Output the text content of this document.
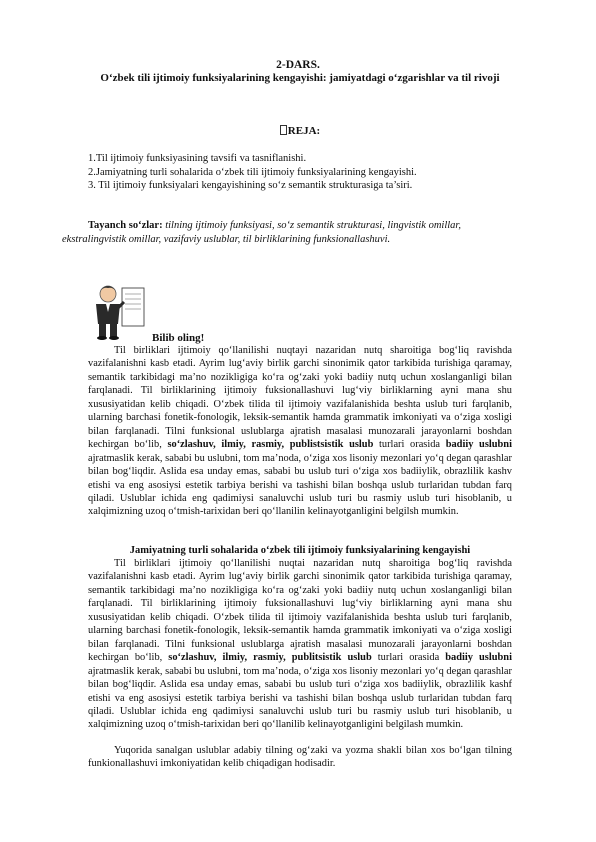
2-DARS.
O‘zbek tili ijtimoiy funksiyalarining kengayishi: jamiyatdagi o‘zgarishlar va til rivoji
REJA:
1.Til ijtimoiy funksiyasining tavsifi va tasniflanishi.
2.Jamiyatning turli sohalarida o‘zbek tili ijtimoiy funksiyalarining kengayishi.
3. Til ijtimoiy funksiyalari kengayishining so‘z semantik strukturasiga ta’siri.
Tayanch so‘zlar: tilning ijtimoiy funksiyasi, so‘z semantik strukturasi, lingvistik omillar, ekstralingvistik omillar, vazifaviy uslublar, til birliklarining funksionallashuvi.
Bilib oling!

Til birliklari ijtimoiy qo‘llanilishi nuqtayi nazaridan nutq sharoitiga bog‘liq ravishda vazifalanishni kasb etadi. Ayrim lug‘aviy birlik garchi sinonimik qator tarkibida turishiga qaramay, semantik tarkibidagi ma’no nozikligiga ko‘ra og‘zaki yoki badiiy nutq uchun xoslanganligi bilan farqlanadi. Til birliklarining ijtimoiy fuksionallashuvi lug‘viy birliklarning ayni mana shu xususiyatidan kelib chiqadi. O‘zbek tilida til ijtimoiy vazifalanishida beshta uslub turi farqlanib, ularning barchasi fonetik-fonologik, leksik-semantik hamda grammatik imkoniyati va o‘ziga xosligi bilan farqlanadi. Tilni funksional uslublarga ajratish masalasi munozarali jarayonlarni boshdan kechirgan bo‘lib, so‘zlashuv, ilmiy, rasmiy, publistsistik uslub turlari orasida badiiy uslubni ajratmaslik kerak, sababi bu uslubni, tom ma’noda, o‘ziga xos lisoniy mezonlari yo‘q degan qarashlar bilan bog‘liqdir. Aslida esa unday emas, sababi bu uslub turi o‘ziga xos badiiylik, obrazlilik kashv etishi va eng asosiysi estetik tarbiya berishi va tashishi bilan boshqa uslub turlaridan tubdan farq qiladi. Uslublar ichida eng qadimiysi sanaluvchi uslub turi bu rasmiy uslub turi hisoblanib, u xalqimizning uzoq o‘tmish-tarixidan beri qo‘llanilin kelinayotganligini belgilsh mumkin.

Jamiyatning turli sohalarida o‘zbek tili ijtimoiy funksiyalarining kengayishi

Til birliklari ijtimoiy qo‘llanilishi nuqtai nazaridan nutq sharoitiga bog‘liq ravishda vazifalanishni kasb etadi. Ayrim lug‘aviy birlik garchi sinonimik qator tarkibida turishiga qaramay, semantik tarkibidagi ma’no nozikligiga ko‘ra og‘zaki yoki badiiy nutq uchun xoslanganligi bilan farqlanadi. Til birliklarining ijtimoiy fuksionallashuvi lug‘viy birliklarning ayni mana shu xususiyatidan kelib chiqadi. O‘zbek tilida til ijtimoiy vazifalanishida beshta uslub turi farqlanib, ularning barchasi fonetik-fonologik, leksik-semantik hamda grammatik imkoniyati va o‘ziga xosligi bilan farqlanadi. Tilni funksional uslublarga ajratish masalasi munozarali jarayonlarni boshdan kechirgan bo‘lib, so‘zlashuv, ilmiy, rasmiy, publitsistik uslub turlari orasida badiiy uslubni ajratmaslik kerak, sababi bu uslubni, tom ma’noda, o‘ziga xos lisoniy mezonlari yo‘q degan qarashlar bilan bog‘liqdir. Aslida esa unday emas, sababi bu uslub turi o‘ziga xos badiiylik, obrazlilik kashf etishi va eng asosiysi estetik tarbiya berishi va tashishi bilan boshqa uslub turlaridan tubdan farq qiladi. Uslublar ichida eng qadimiysi sanaluvchi uslub turi bu rasmiy uslub turi hisoblanib, u xalqimizning uzoq o‘tmish-tarixidan beri qo‘llanilib kelinayotganligini belgilash mumkin.

Yuqorida sanalgan uslublar adabiy tilning og‘zaki va yozma shakli bilan xos bo‘lgan tilning funkionallashuvi imkoniyatidan kelib chiqadigan hodisadir.
